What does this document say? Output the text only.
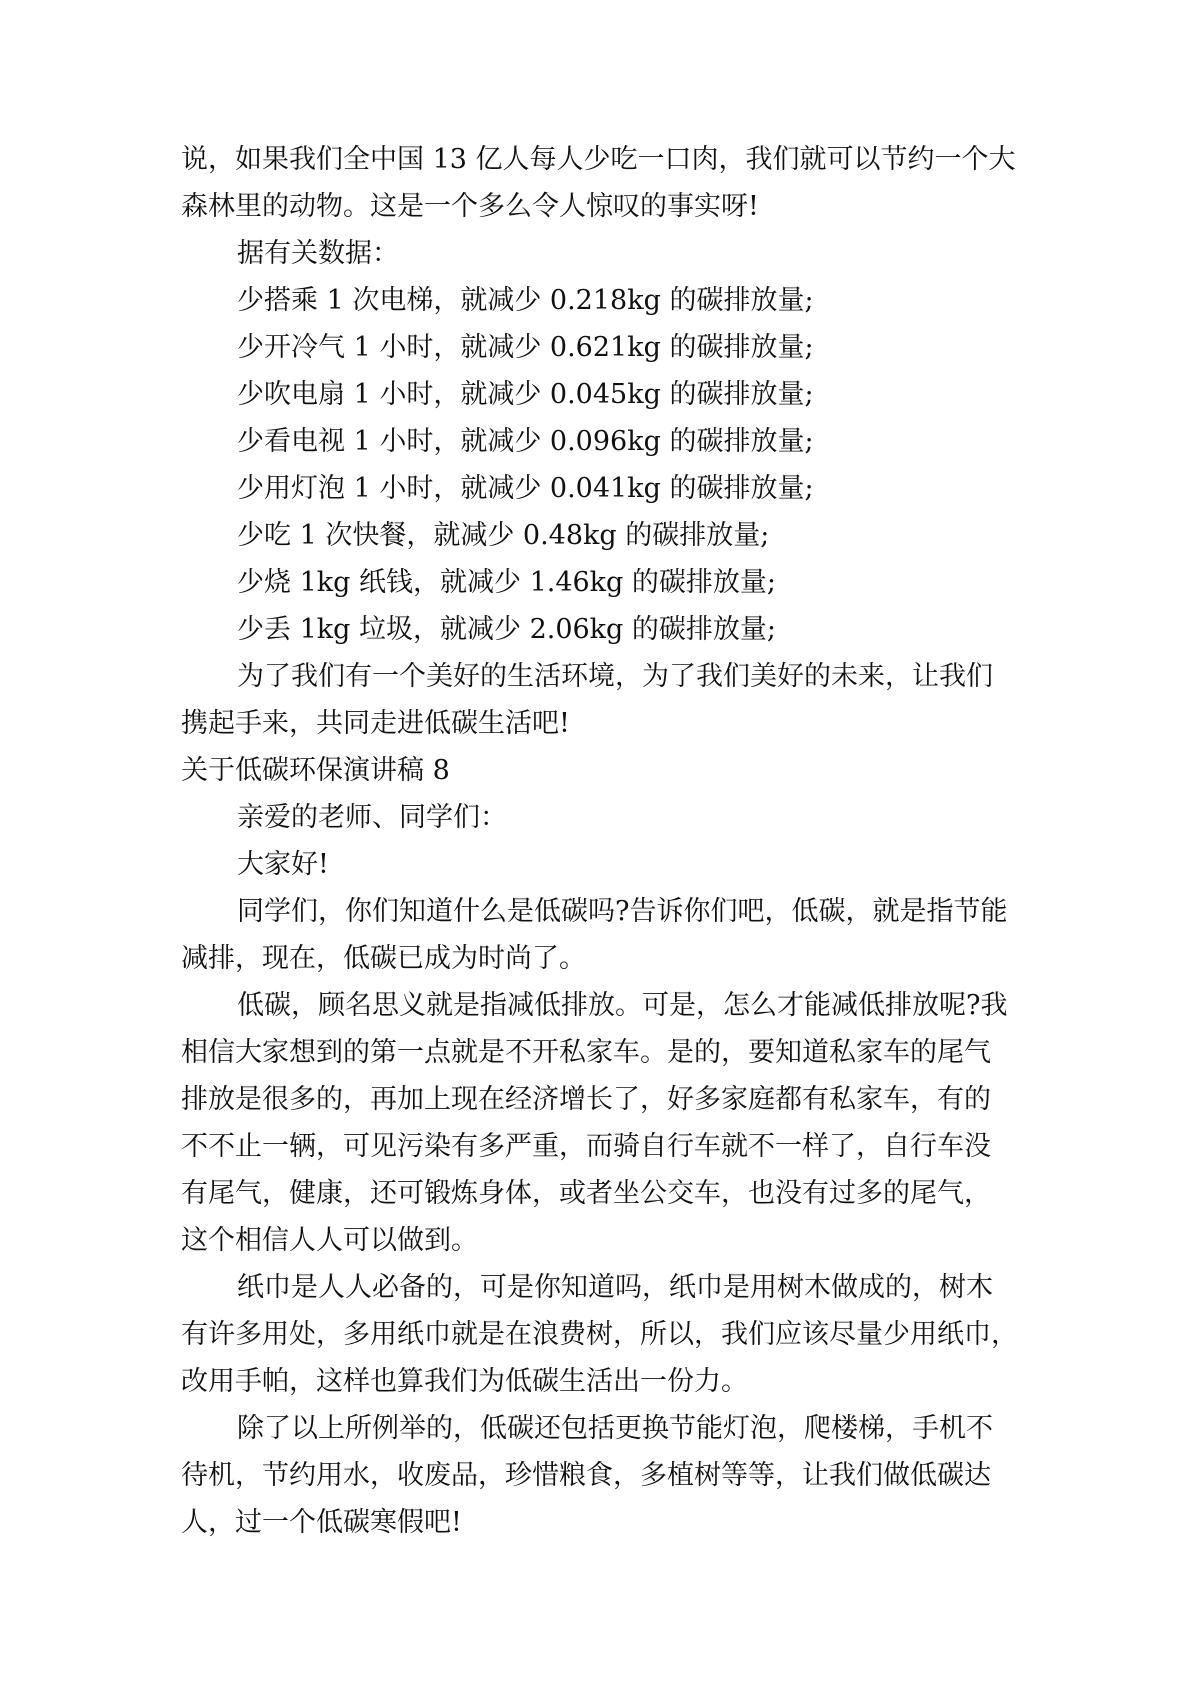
说，如果我们全中国 13 亿人每人少吃一口肉，我们就可以节约一个大
森林里的动物。这是一个多么令人惊叹的事实呀!
据有关数据：
少搭乘 1 次电梯，就减少 0.218kg 的碳排放量;
少开冷气 1 小时，就减少 0.621kg 的碳排放量;
少吹电扇 1 小时，就减少 0.045kg 的碳排放量;
少看电视 1 小时，就减少 0.096kg 的碳排放量;
少用灯泡 1 小时，就减少 0.041kg 的碳排放量;
少吃 1 次快餐，就减少 0.48kg 的碳排放量;
少烧 1kg 纸钱，就减少 1.46kg 的碳排放量;
少丢 1kg 垃圾，就减少 2.06kg 的碳排放量;
为了我们有一个美好的生活环境，为了我们美好的未来，让我们
携起手来，共同走进低碳生活吧!
关于低碳环保演讲稿 8
亲爱的老师、同学们：
大家好!
同学们，你们知道什么是低碳吗?告诉你们吧，低碳，就是指节能
减排，现在，低碳已成为时尚了。
低碳，顾名思义就是指减低排放。可是，怎么才能减低排放呢?我
相信大家想到的第一点就是不开私家车。是的，要知道私家车的尾气
排放是很多的，再加上现在经济增长了，好多家庭都有私家车，有的
不不止一辆，可见污染有多严重，而骑自行车就不一样了，自行车没
有尾气，健康，还可锻炼身体，或者坐公交车，也没有过多的尾气，
这个相信人人可以做到。
纸巾是人人必备的，可是你知道吗，纸巾是用树木做成的，树木
有许多用处，多用纸巾就是在浪费树，所以，我们应该尽量少用纸巾，
改用手帕，这样也算我们为低碳生活出一份力。
除了以上所例举的，低碳还包括更换节能灯泡，爬楼梯，手机不
待机，节约用水，收废品，珍惜粮食，多植树等等，让我们做低碳达
人，过一个低碳寒假吧!
